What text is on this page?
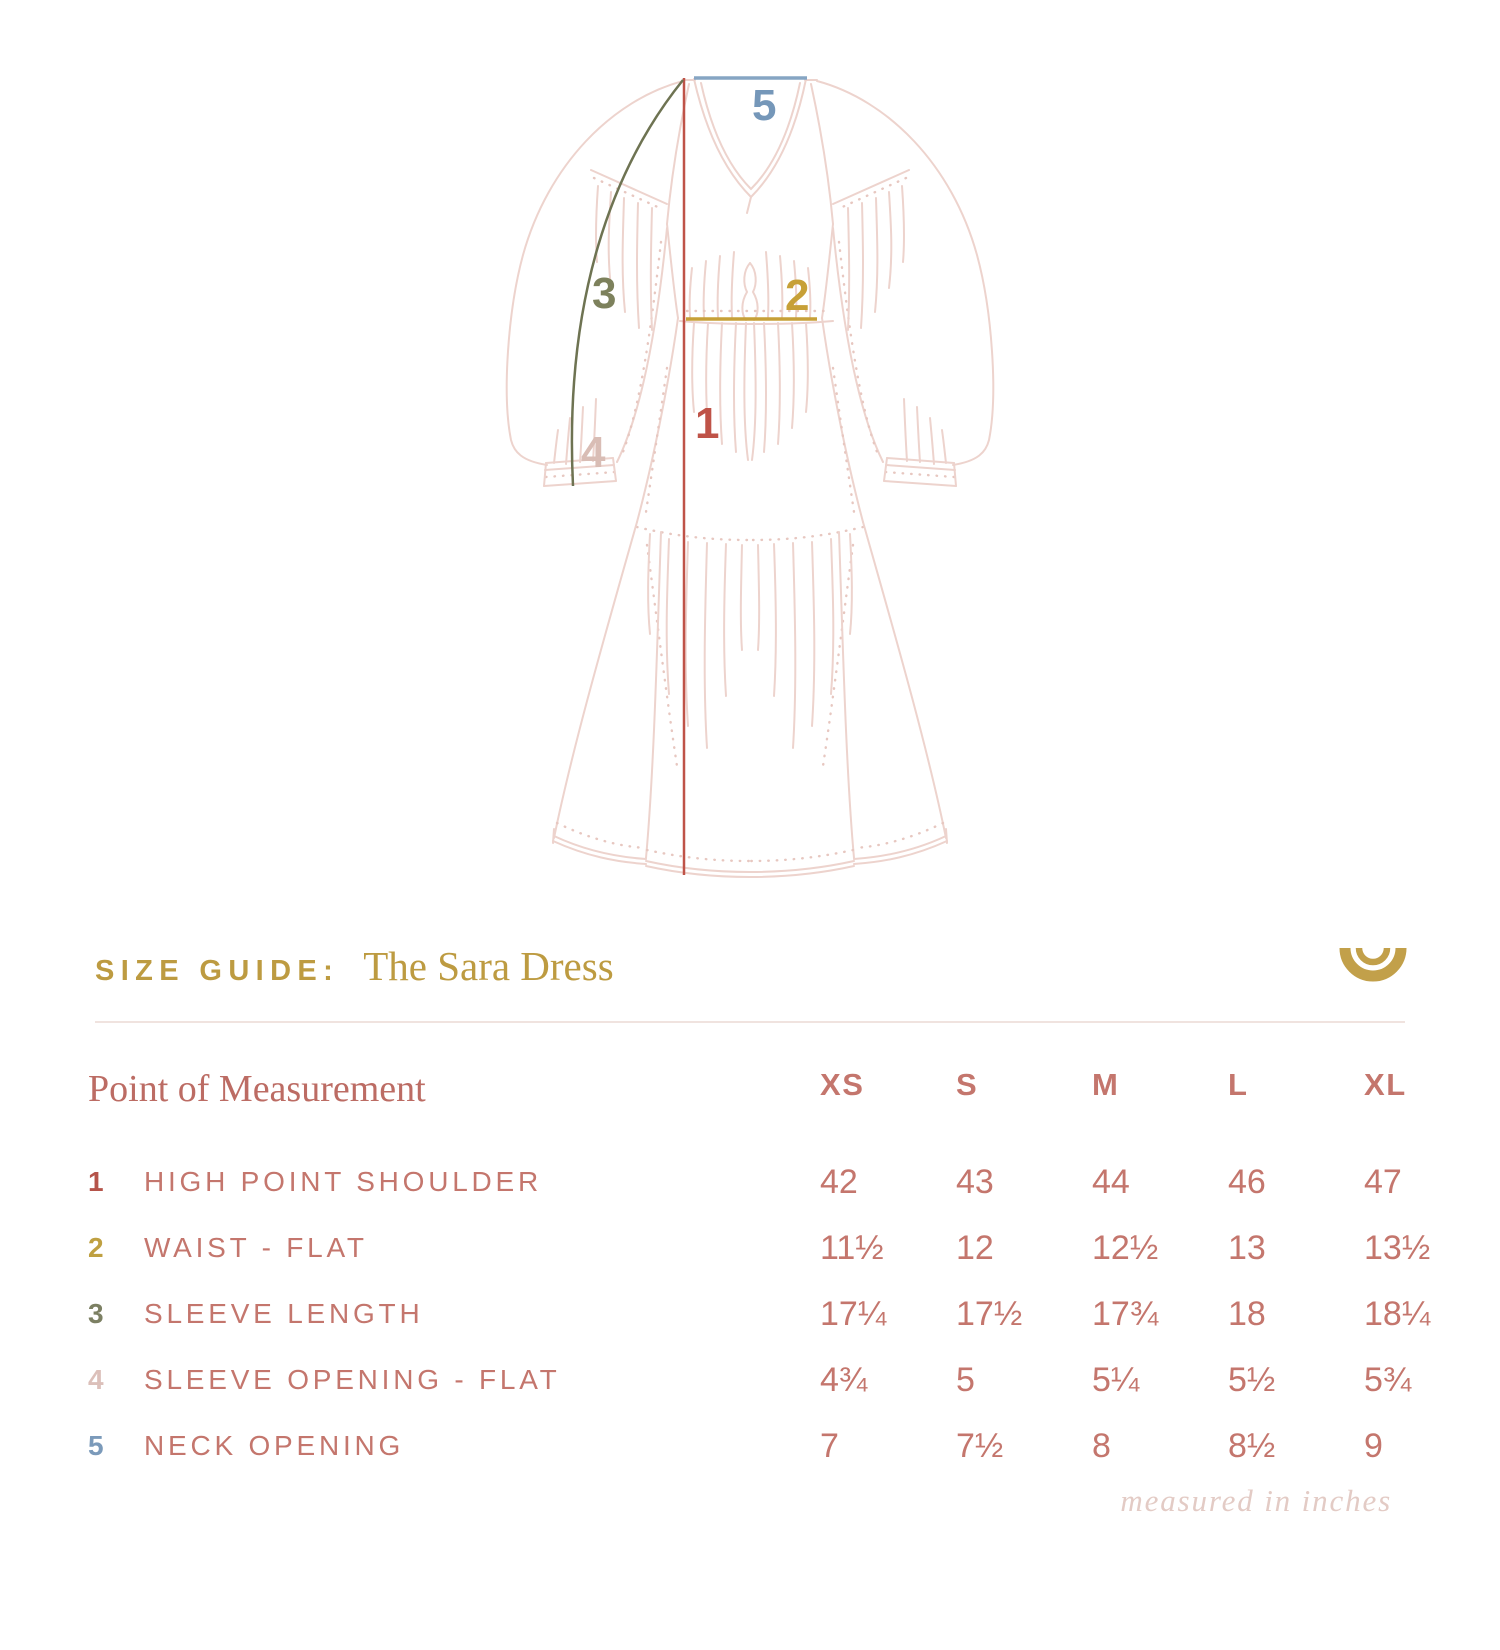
5
1
2
3
4
SIZE GUIDE: The Sara Dress
Point of Measurement	XS	S	M	L	XL
1	HIGH POINT SHOULDER	42	43	44	46	47
2	WAIST - FLAT	11½	12	12½	13	13½
3	SLEEVE LENGTH	17¼	17½	17¾	18	18¼
4	SLEEVE OPENING - FLAT	4¾	5	5¼	5½	5¾
5	NECK OPENING	7	7½	8	8½	9
measured in inches
